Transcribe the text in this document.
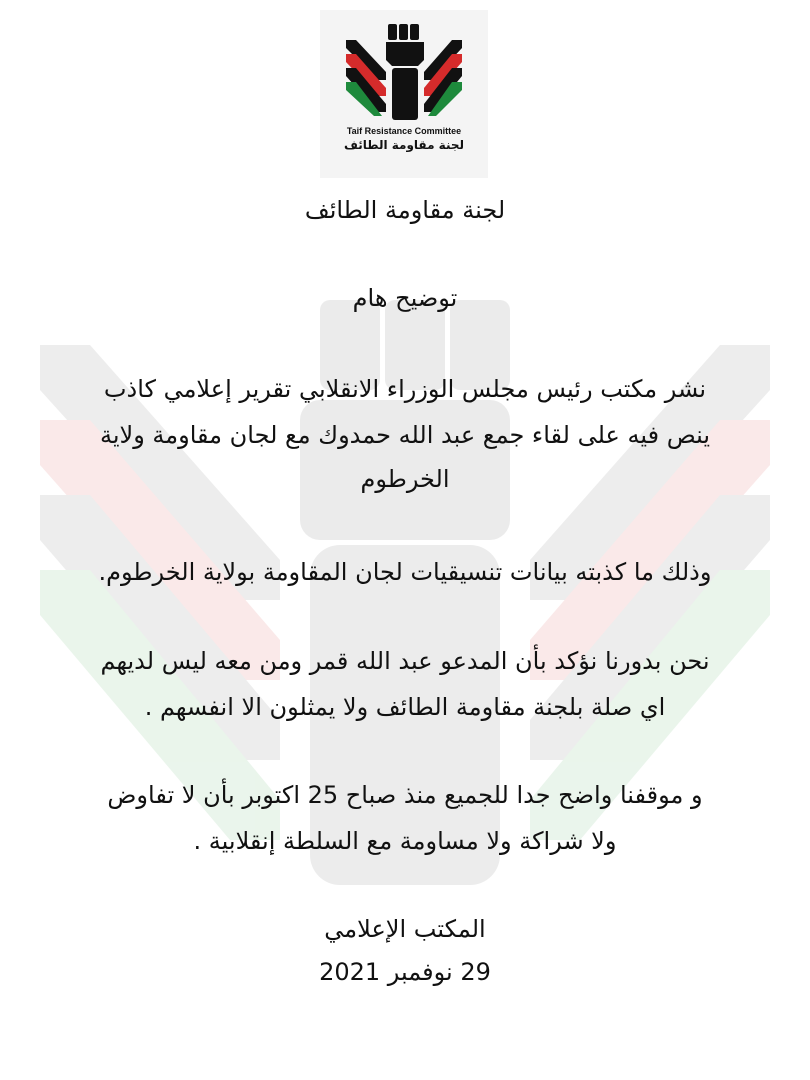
Taif Resistance Committee
لجنة مقاومة الطائف
لجنة مقاومة الطائف
توضيح هام
نشر مكتب رئيس مجلس الوزراء الانقلابي تقرير إعلامي كاذب
ينص فيه على لقاء جمع عبد الله حمدوك مع لجان مقاومة ولاية
الخرطوم
وذلك ما كذبته بيانات تنسيقيات لجان المقاومة بولاية الخرطوم.
نحن بدورنا نؤكد بأن المدعو عبد الله قمر ومن معه ليس لديهم
اي صلة بلجنة مقاومة الطائف ولا يمثلون الا انفسهم .
و موقفنا واضح جدا للجميع منذ صباح 25 اكتوبر بأن لا تفاوض
ولا شراكة ولا مساومة مع السلطة إنقلابية .
المكتب الإعلامي
29 نوفمبر 2021
